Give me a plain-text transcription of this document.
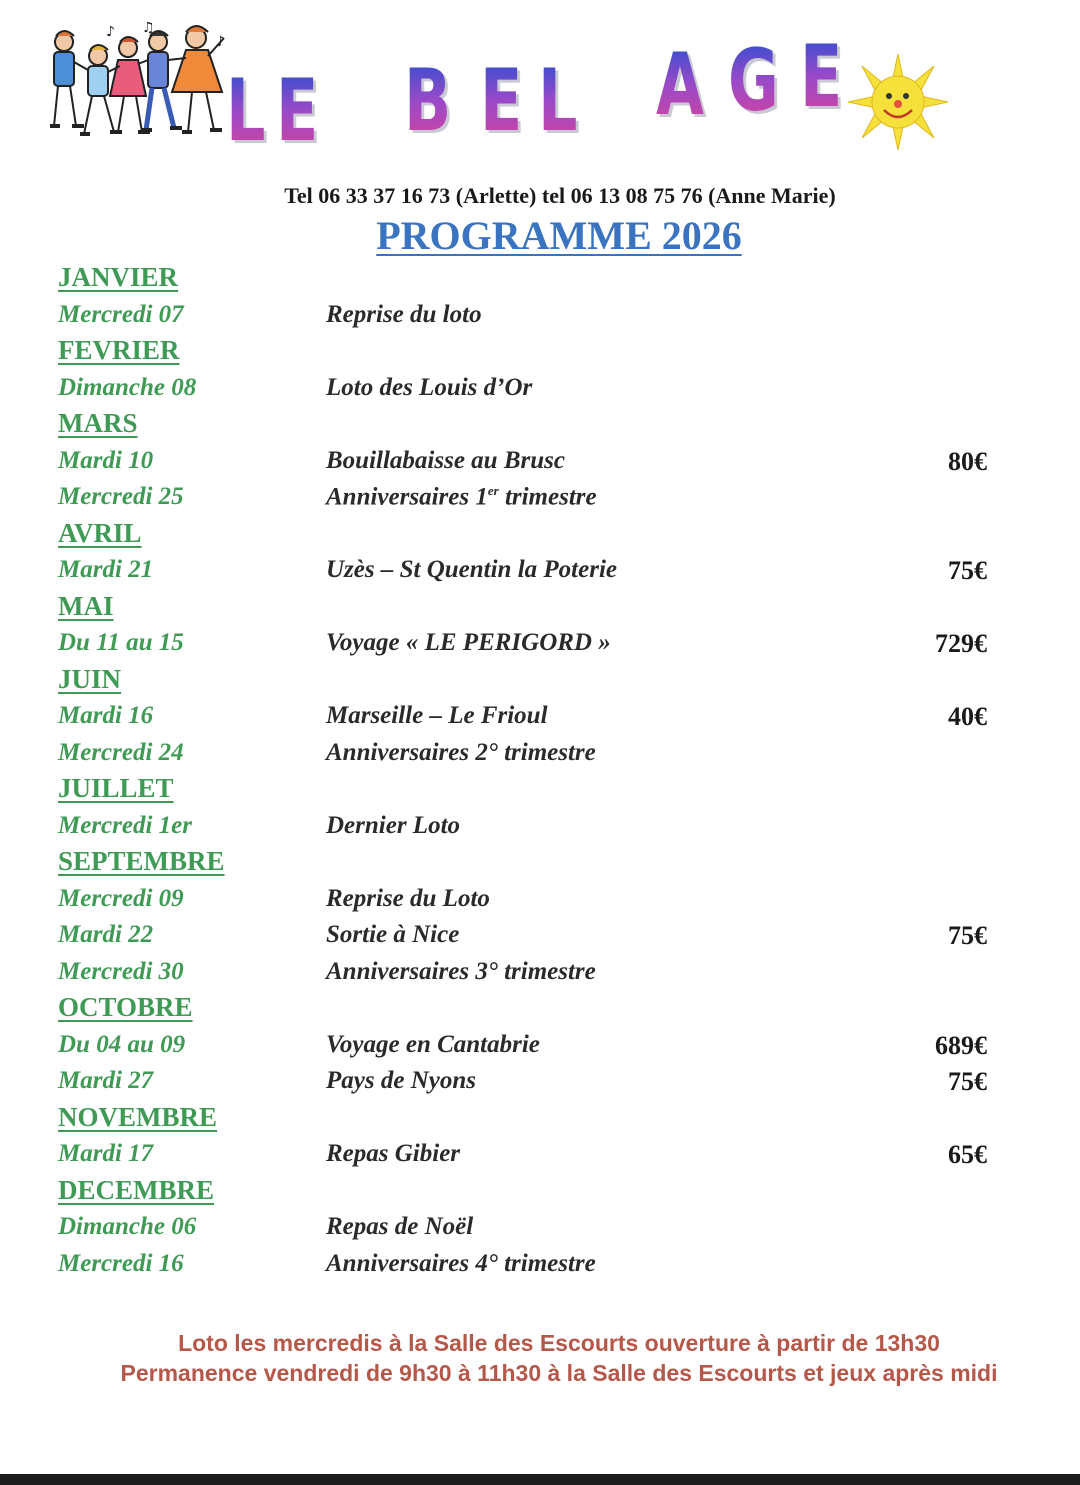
♪ ♫
♪
L E B E L A G E
Tel 06 33 37 16 73 (Arlette) tel 06 13 08 75 76 (Anne Marie)
PROGRAMME 2026
JANVIER
Mercredi 07	Reprise du loto
FEVRIER
Dimanche 08	Loto des Louis d’Or
MARS
Mardi 10	Bouillabaisse au Brusc	80€
Mercredi 25	Anniversaires 1er trimestre
AVRIL
Mardi 21	Uzès – St Quentin la Poterie	75€
MAI
Du 11 au 15	Voyage « LE PERIGORD »	729€
JUIN
Mardi 16	Marseille – Le Frioul	40€
Mercredi 24	Anniversaires 2° trimestre
JUILLET
Mercredi 1er	Dernier Loto
SEPTEMBRE
Mercredi 09	Reprise du Loto
Mardi 22	Sortie à Nice	75€
Mercredi 30	Anniversaires 3° trimestre
OCTOBRE
Du 04 au 09	Voyage en Cantabrie	689€
Mardi 27	Pays de Nyons	75€
NOVEMBRE
Mardi 17	Repas Gibier	65€
DECEMBRE
Dimanche 06	Repas de Noël
Mercredi 16	Anniversaires 4° trimestre
Loto les mercredis à la Salle des Escourts ouverture à partir de 13h30
Permanence vendredi de 9h30 à 11h30 à la Salle des Escourts et jeux après midi
